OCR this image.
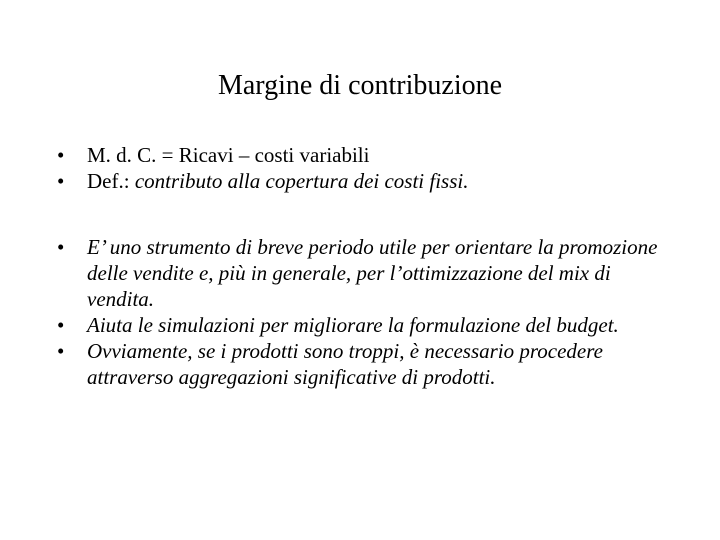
Margine di contribuzione
• M. d. C. = Ricavi – costi variabili
• Def.: contributo alla copertura dei costi fissi.
• E’ uno strumento di breve periodo utile per orientare la promozione delle vendite e, più in generale, per l’ottimizzazione del mix di vendita.
• Aiuta le simulazioni per migliorare la formulazione del budget.
• Ovviamente, se i prodotti sono troppi, è necessario procedere attraverso aggregazioni significative di prodotti.
